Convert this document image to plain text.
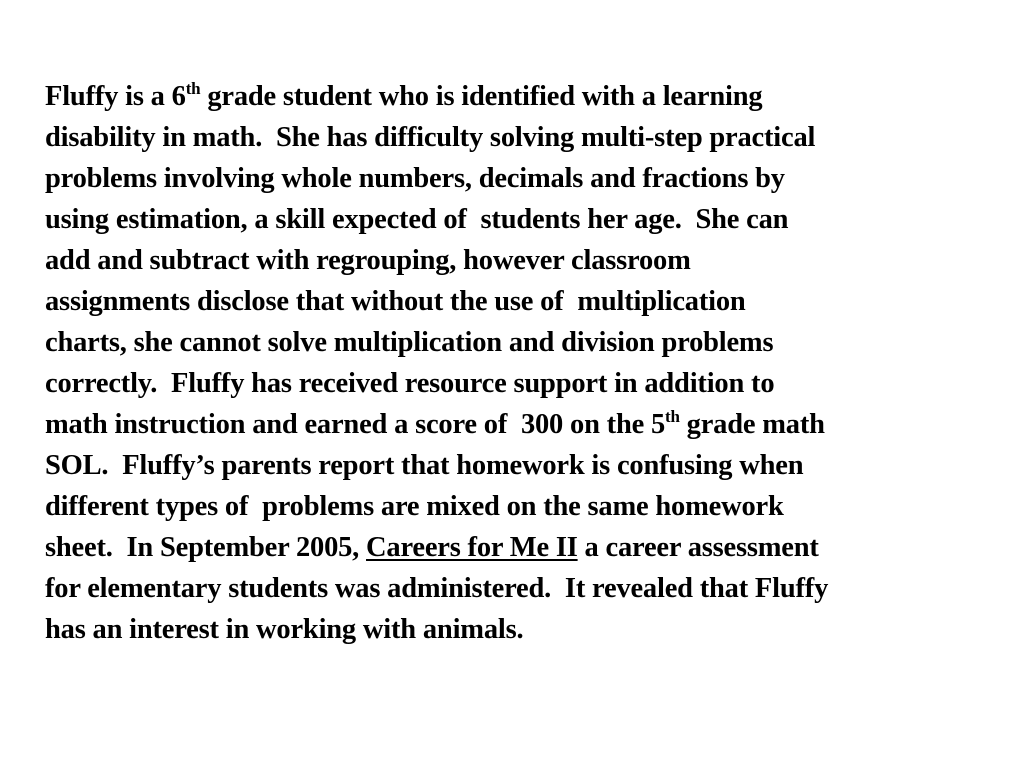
Fluffy is a 6th grade student who is identified with a learning
disability in math.  She has difficulty solving multi-step practical
problems involving whole numbers, decimals and fractions by
using estimation, a skill expected of  students her age.  She can
add and subtract with regrouping, however classroom
assignments disclose that without the use of  multiplication
charts, she cannot solve multiplication and division problems
correctly.  Fluffy has received resource support in addition to
math instruction and earned a score of  300 on the 5th grade math
SOL.  Fluffy’s parents report that homework is confusing when
different types of  problems are mixed on the same homework
sheet.  In September 2005, Careers for Me II a career assessment
for elementary students was administered.  It revealed that Fluffy
has an interest in working with animals.
